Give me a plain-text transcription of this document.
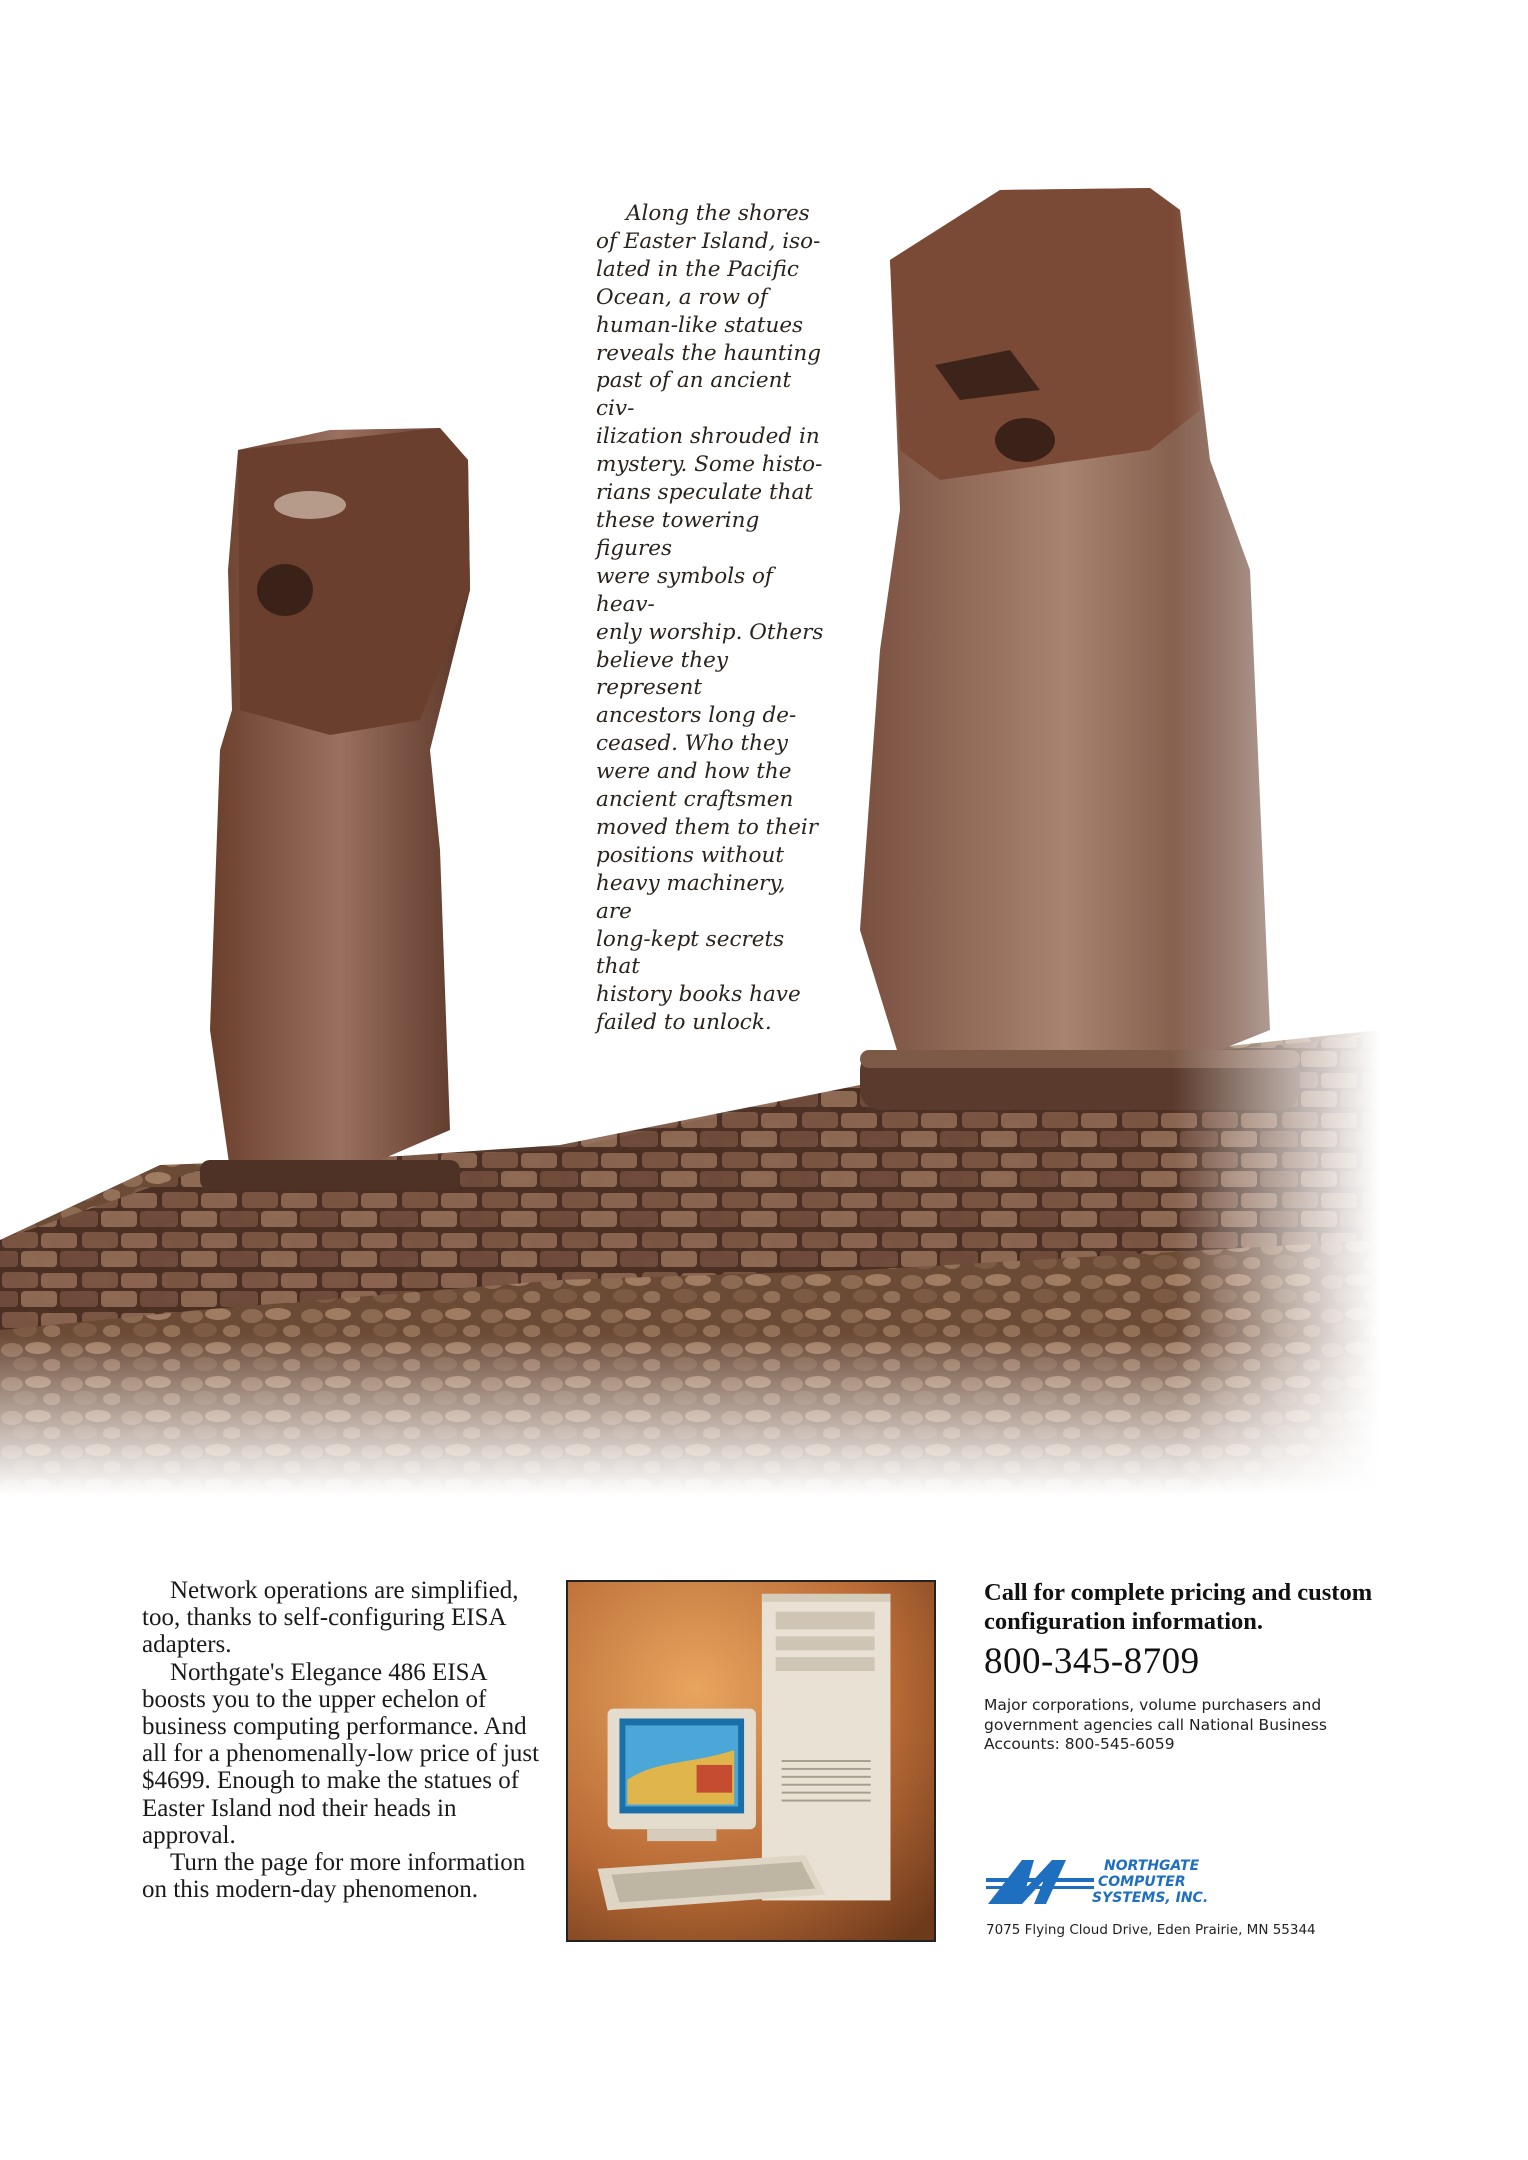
Along the shores

of Easter Island, iso-

lated in the Pacific

Ocean, a row of

human-like statues

reveals the haunting

past of an ancient civ-

ilization shrouded in

mystery. Some histo-

rians speculate that

these towering figures

were symbols of heav-

enly worship. Others

believe they represent

ancestors long de-

ceased. Who they

were and how the

ancient craftsmen

moved them to their

positions without

heavy machinery, are

long-kept secrets that

history books have

failed to unlock.

Network operations are simplified, too, thanks to self-configuring EISA adapters.

Northgate's Elegance 486 EISA boosts you to the upper echelon of business computing performance. And all for a phenomenally-low price of just $4699. Enough to make the statues of Easter Island nod their heads in approval.

Turn the page for more information on this modern-day phenomenon.

Call for complete pricing and custom configuration information.

800-345-8709

Major corporations, volume purchasers and government agencies call National Business Accounts: 800-545-6059

NORTHGATE
COMPUTER
SYSTEMS, INC.
7075 Flying Cloud Drive, Eden Prairie, MN 55344
